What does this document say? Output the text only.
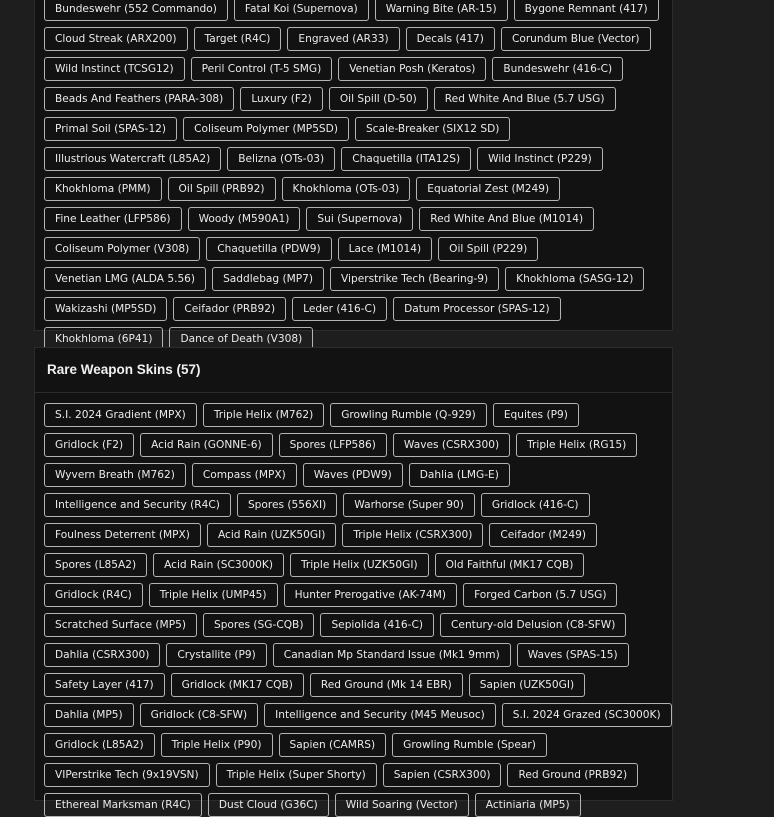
Bundeswehr (552 Commando)	Fatal Koi (Supernova)	Warning Bite (AR-15)	Bygone Remnant (417)
Cloud Streak (ARX200)	Target (R4C)	Engraved (AR33)	Decals (417)	Corundum Blue (Vector)
Wild Instinct (TCSG12)	Peril Control (T-5 SMG)	Venetian Posh (Keratos)	Bundeswehr (416-C)
Beads And Feathers (PARA-308)	Luxury (F2)	Oil Spill (D-50)	Red White And Blue (5.7 USG)
Primal Soil (SPAS-12)	Coliseum Polymer (MP5SD)	Scale-Breaker (SIX12 SD)
Illustrious Watercraft (L85A2)	Belizna (OTs-03)	Chaquetilla (ITA12S)	Wild Instinct (P229)
Khokhloma (PMM)	Oil Spill (PRB92)	Khokhloma (OTs-03)	Equatorial Zest (M249)
Fine Leather (LFP586)	Woody (M590A1)	Sui (Supernova)	Red White And Blue (M1014)
Coliseum Polymer (V308)	Chaquetilla (PDW9)	Lace (M1014)	Oil Spill (P229)
Venetian LMG (ALDA 5.56)	Saddlebag (MP7)	Viperstrike Tech (Bearing-9)	Khokhloma (SASG-12)
Wakizashi (MP5SD)	Ceifador (PRB92)	Leder (416-C)	Datum Processor (SPAS-12)
Khokhloma (6P41)	Dance of Death (V308)
Rare Weapon Skins (57)
S.I. 2024 Gradient (MPX)	Triple Helix (M762)	Growling Rumble (Q-929)	Equites (P9)
Gridlock (F2)	Acid Rain (GONNE-6)	Spores (LFP586)	Waves (CSRX300)	Triple Helix (RG15)
Wyvern Breath (M762)	Compass (MPX)	Waves (PDW9)	Dahlia (LMG-E)
Intelligence and Security (R4C)	Spores (556XI)	Warhorse (Super 90)	Gridlock (416-C)
Foulness Deterrent (MPX)	Acid Rain (UZK50GI)	Triple Helix (CSRX300)	Ceifador (M249)
Spores (L85A2)	Acid Rain (SC3000K)	Triple Helix (UZK50GI)	Old Faithful (MK17 CQB)
Gridlock (R4C)	Triple Helix (UMP45)	Hunter Prerogative (AK-74M)	Forged Carbon (5.7 USG)
Scratched Surface (MP5)	Spores (SG-CQB)	Sepiolida (416-C)	Century-old Delusion (C8-SFW)
Dahlia (CSRX300)	Crystallite (P9)	Canadian Mp Standard Issue (Mk1 9mm)	Waves (SPAS-15)
Safety Layer (417)	Gridlock (MK17 CQB)	Red Ground (Mk 14 EBR)	Sapien (UZK50GI)
Dahlia (MP5)	Gridlock (C8-SFW)	Intelligence and Security (M45 Meusoc)	S.I. 2024 Grazed (SC3000K)
Gridlock (L85A2)	Triple Helix (P90)	Sapien (CAMRS)	Growling Rumble (Spear)
VIPerstrike Tech (9x19VSN)	Triple Helix (Super Shorty)	Sapien (CSRX300)	Red Ground (PRB92)
Ethereal Marksman (R4C)	Dust Cloud (G36C)	Wild Soaring (Vector)	Actiniaria (MP5)
